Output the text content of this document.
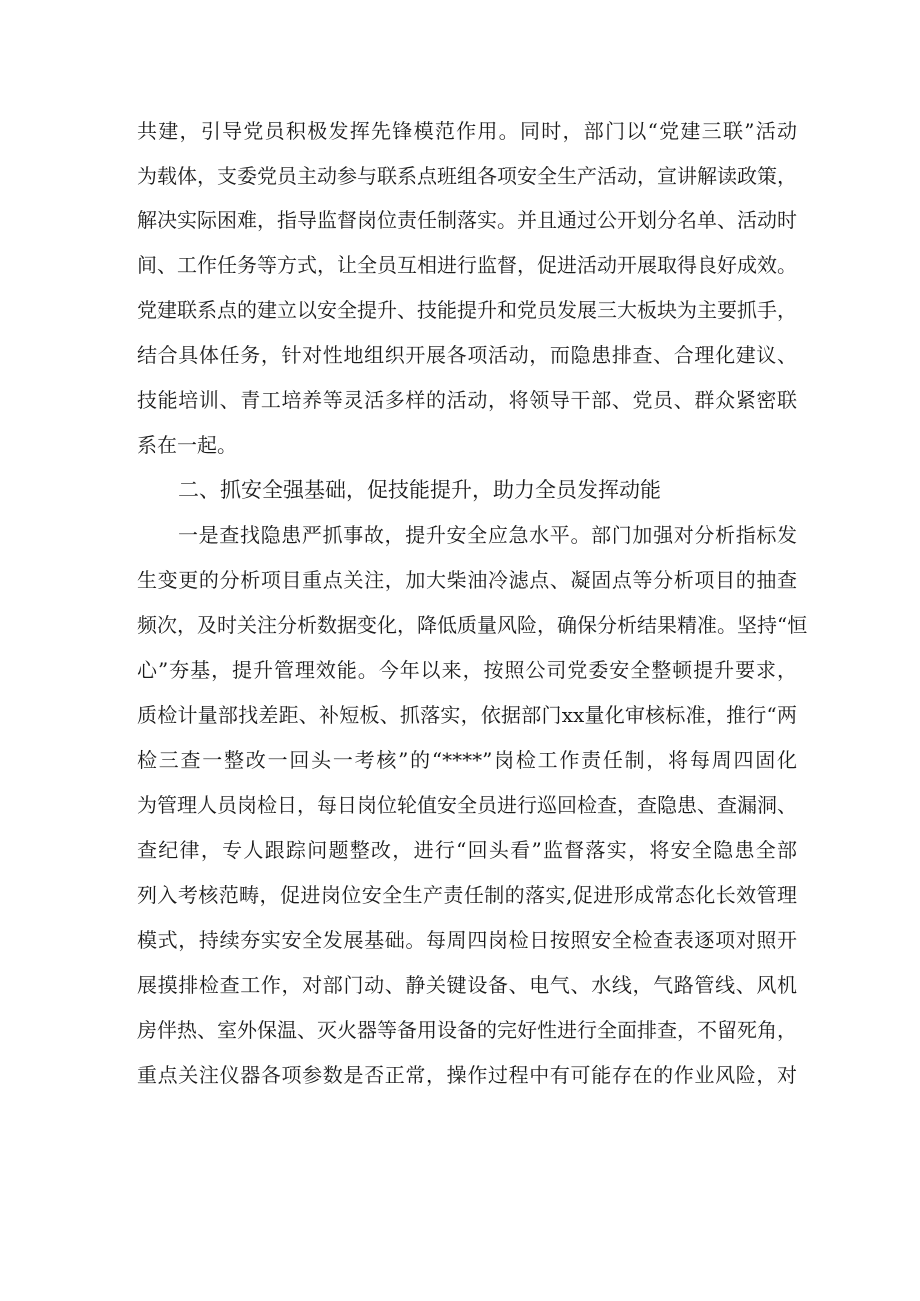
共建，引导党员积极发挥先锋模范作用。同时，部门以“党建三联”活动
为载体，支委党员主动参与联系点班组各项安全生产活动，宣讲解读政策，
解决实际困难，指导监督岗位责任制落实。并且通过公开划分名单、活动时
间、工作任务等方式，让全员互相进行监督，促进活动开展取得良好成效。
党建联系点的建立以安全提升、技能提升和党员发展三大板块为主要抓手，
结合具体任务，针对性地组织开展各项活动，而隐患排查、合理化建议、
技能培训、青工培养等灵活多样的活动，将领导干部、党员、群众紧密联
系在一起。
二、抓安全强基础，促技能提升，助力全员发挥动能
一是查找隐患严抓事故，提升安全应急水平。部门加强对分析指标发
生变更的分析项目重点关注，加大柴油冷滤点、凝固点等分析项目的抽查
频次，及时关注分析数据变化，降低质量风险，确保分析结果精准。坚持“恒
心”夯基，提升管理效能。今年以来，按照公司党委安全整顿提升要求，
质检计量部找差距、补短板、抓落实，依据部门xx量化审核标准，推行“两
检三查一整改一回头一考核”的“****”岗检工作责任制，将每周四固化
为管理人员岗检日，每日岗位轮值安全员进行巡回检查，查隐患、查漏洞、
查纪律，专人跟踪问题整改，进行“回头看”监督落实，将安全隐患全部
列入考核范畴，促进岗位安全生产责任制的落实,促进形成常态化长效管理
模式，持续夯实安全发展基础。每周四岗检日按照安全检查表逐项对照开
展摸排检查工作，对部门动、静关键设备、电气、水线，气路管线、风机
房伴热、室外保温、灭火器等备用设备的完好性进行全面排查，不留死角，
重点关注仪器各项参数是否正常，操作过程中有可能存在的作业风险，对
